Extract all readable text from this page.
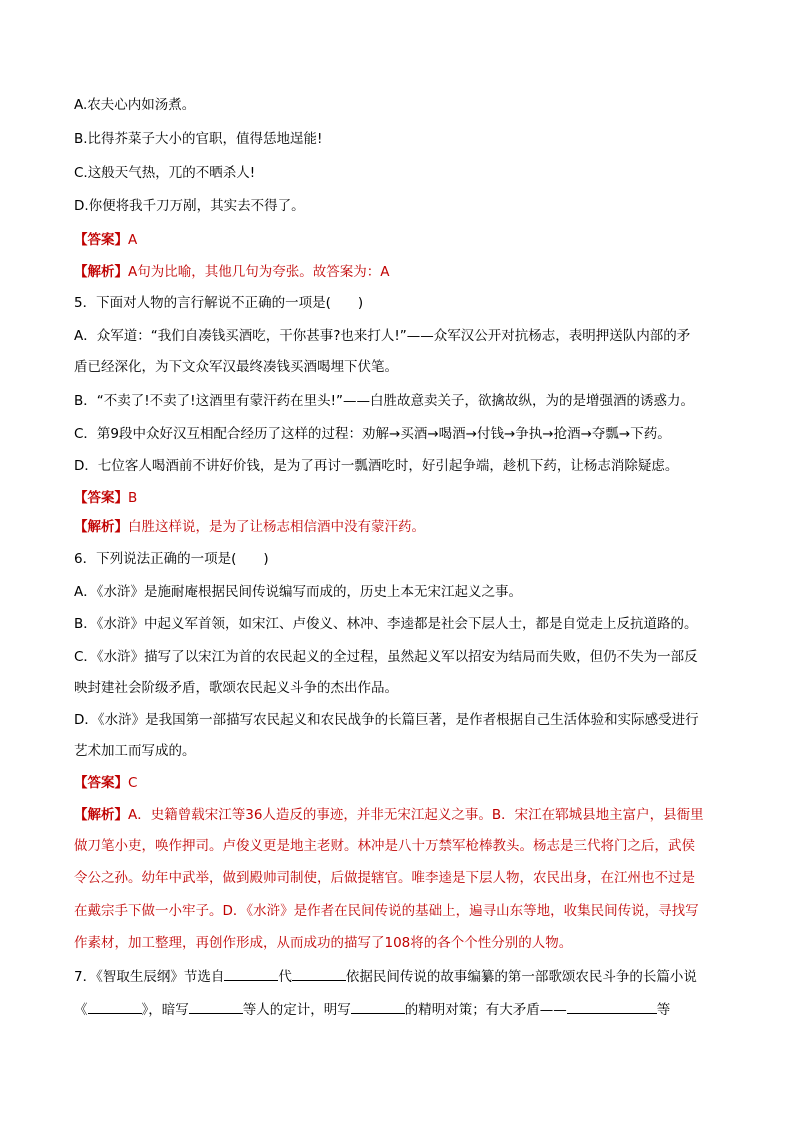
A.农夫心内如汤煮。
B.比得芥菜子大小的官职，值得恁地逞能!
C.这般天气热，兀的不晒杀人!
D.你便将我千刀万剐，其实去不得了。
【答案】A
【解析】A句为比喻，其他几句为夸张。故答案为：A
5．下面对人物的言行解说不正确的一项是(　　)
A．众军道：“我们自凑钱买酒吃，干你甚事?也来打人!”——众军汉公开对抗杨志，表明押送队内部的矛
盾已经深化，为下文众军汉最终凑钱买酒喝埋下伏笔。
B．“不卖了!不卖了!这酒里有蒙汗药在里头!”——白胜故意卖关子，欲擒故纵，为的是增强酒的诱惑力。
C．第9段中众好汉互相配合经历了这样的过程：劝解→买酒→喝酒→付钱→争执→抢酒→夺瓢→下药。
D．七位客人喝酒前不讲好价钱，是为了再讨一瓢酒吃时，好引起争端，趁机下药，让杨志消除疑虑。
【答案】B
【解析】白胜这样说，是为了让杨志相信酒中没有蒙汗药。
6．下列说法正确的一项是(　　)
A．《水浒》是施耐庵根据民间传说编写而成的，历史上本无宋江起义之事。
B．《水浒》中起义军首领，如宋江、卢俊义、林冲、李逵都是社会下层人士，都是自觉走上反抗道路的。
C．《水浒》描写了以宋江为首的农民起义的全过程，虽然起义军以招安为结局而失败，但仍不失为一部反
映封建社会阶级矛盾，歌颂农民起义斗争的杰出作品。
D．《水浒》是我国第一部描写农民起义和农民战争的长篇巨著，是作者根据自己生活体验和实际感受进行
艺术加工而写成的。
【答案】C
【解析】A．史籍曾载宋江等36人造反的事迹，并非无宋江起义之事。B．宋江在郓城县地主富户，县衙里
做刀笔小吏，唤作押司。卢俊义更是地主老财。林冲是八十万禁军枪棒教头。杨志是三代将门之后，武侯
令公之孙。幼年中武举，做到殿帅司制使，后做提辖官。唯李逵是下层人物，农民出身，在江州也不过是
在戴宗手下做一小牢子。D．《水浒》是作者在民间传说的基础上，遍寻山东等地，收集民间传说，寻找写
作素材，加工整理，再创作形成，从而成功的描写了108将的各个个性分别的人物。
7．《智取生辰纲》节选自	代	依据民间传说的故事编纂的第一部歌颂农民斗争的长篇小说
《	》，暗写	等人的定计，明写	的精明对策；有大矛盾——	等
